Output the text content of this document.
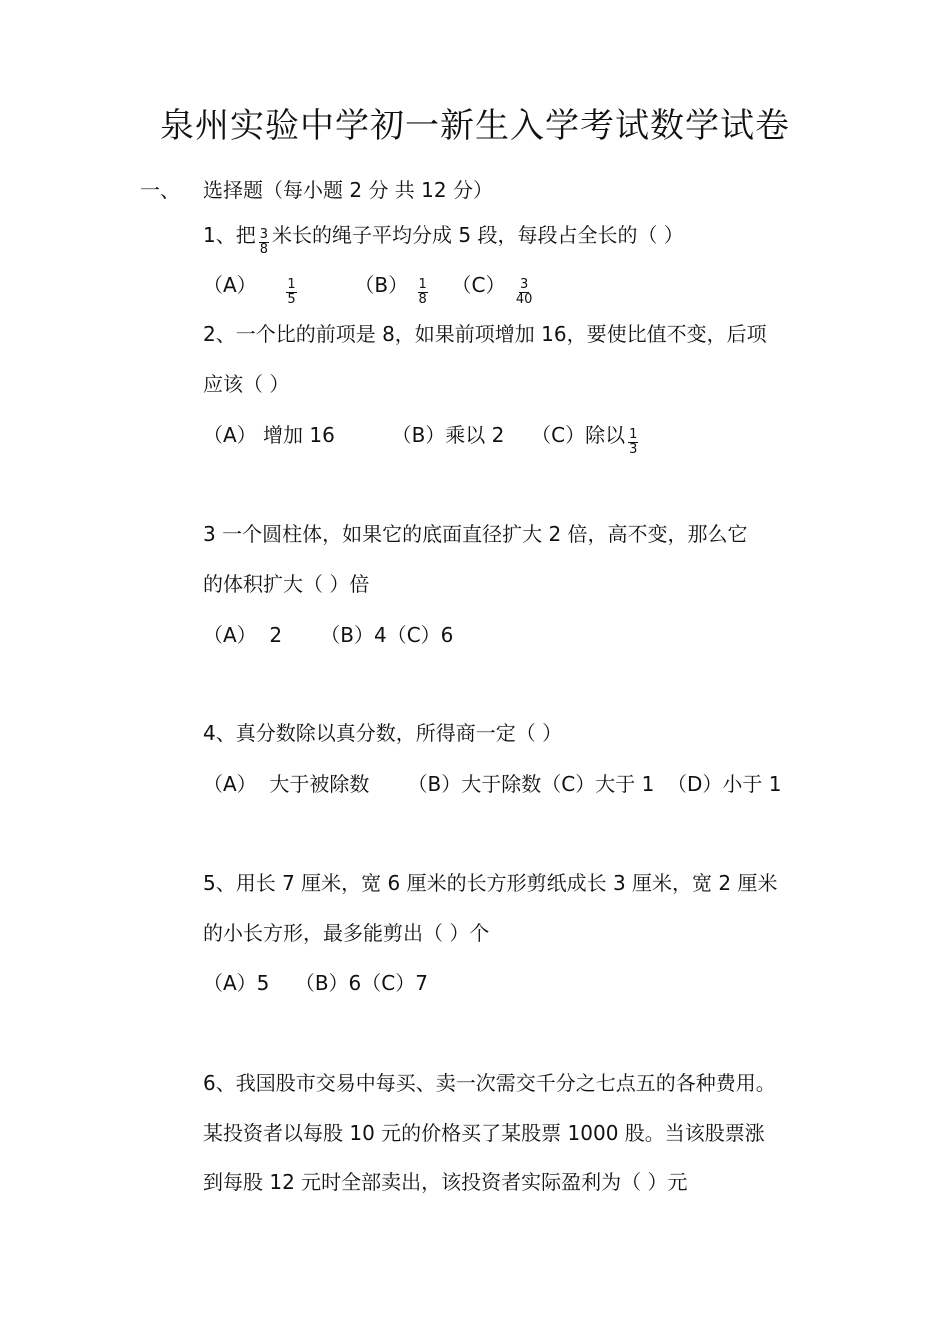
泉州实验中学初一新生入学考试数学试卷
一、 选择题（每小题 2 分 共 12 分）
1、把 $\frac{3}{8}$ 米长的绳子平均分成 5 段，每段占全长的（ ）
$(A) \frac{1}{5}$	$(B) \frac{1}{8} (C) \frac{3}{40}$
2、一个比的前项是 8，如果前项增加 16，要使比值不变，后项
应该（ ）
（A） 增加 16	（B）乘以 2 （C）除以 $\frac{1}{3}$
3 一个圆柱体，如果它的底面直径扩大 2 倍，高不变，那么它
的体积扩大（ ）倍
（A）  2      （B）4（C）6
4、真分数除以真分数，所得商一定（ ）
（A）  大于被除数      （B）大于除数（C）大于 1  （D）小于 1
5、用长 7 厘米，宽 6 厘米的长方形剪纸成长 3 厘米，宽 2 厘米
的小长方形，最多能剪出（ ）个
（A）5    （B）6（C）7
6、我国股市交易中每买、卖一次需交千分之七点五的各种费用。
某投资者以每股 10 元的价格买了某股票 1000 股。当该股票涨
到每股 12 元时全部卖出，该投资者实际盈利为（ ）元
